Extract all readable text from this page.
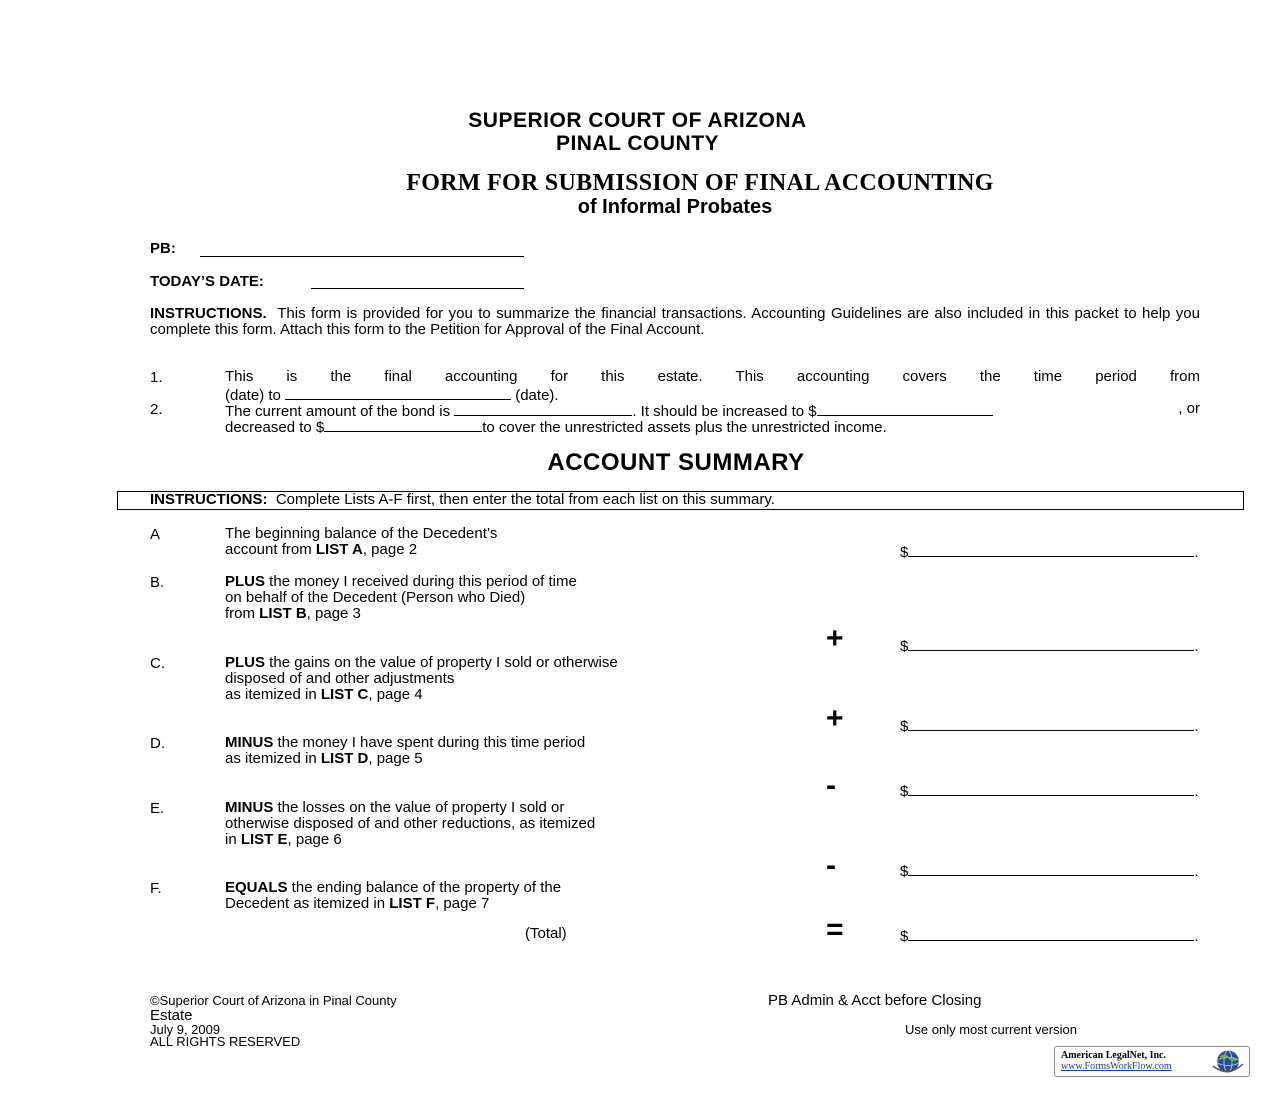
SUPERIOR COURT OF ARIZONA
PINAL COUNTY
FORM FOR SUBMISSION OF FINAL ACCOUNTING
of Informal Probates
PB:
TODAY’S DATE:
INSTRUCTIONS. This form is provided for you to summarize the financial transactions. Accounting Guidelines are also included in this packet to help you complete this form. Attach this form to the Petition for Approval of the Final Account.
1.	This is the final accounting for this estate. This accounting covers the time period from
(date) to	(date).
2.	The current amount of the bond is	. It should be increased to $	, or
decreased to $	to cover the unrestricted assets plus the unrestricted income.
ACCOUNT SUMMARY
INSTRUCTIONS: Complete Lists A-F first, then enter the total from each list on this summary.
A	The beginning balance of the Decedent’s
account from LIST A, page 2	$	.
B.	PLUS the money I received during this period of time
on behalf of the Decedent (Person who Died)
from LIST B, page 3
+	$	.
C.	PLUS the gains on the value of property I sold or otherwise
disposed of and other adjustments
as itemized in LIST C, page 4
+	$	.
D.	MINUS the money I have spent during this time period
as itemized in LIST D, page 5
-	$	.
E.	MINUS the losses on the value of property I sold or
otherwise disposed of and other reductions, as itemized
in LIST E, page 6
-	$	.
F.	EQUALS the ending balance of the property of the
Decedent as itemized in LIST F, page 7
(Total)	=	$	.
©Superior Court of Arizona in Pinal County
Estate
July 9, 2009
ALL RIGHTS RESERVED
PB Admin & Acct before Closing
Use only most current version
American LegalNet, Inc.
www.FormsWorkFlow.com
